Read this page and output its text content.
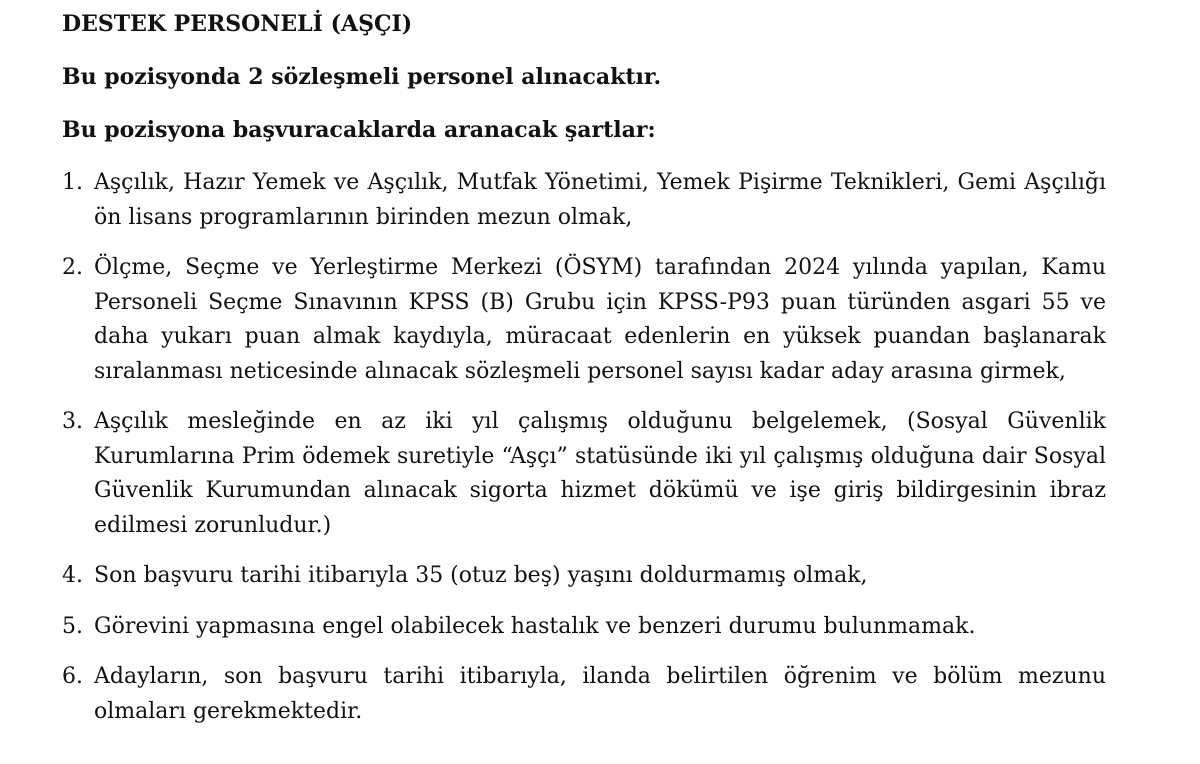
DESTEK PERSONELİ (AŞÇI)

Bu pozisyonda 2 sözleşmeli personel alınacaktır.

Bu pozisyona başvuracaklarda aranacak şartlar:

1. Aşçılık, Hazır Yemek ve Aşçılık, Mutfak Yönetimi, Yemek Pişirme Teknikleri, Gemi Aşçılığı ön lisans programlarının birinden mezun olmak,
2. Ölçme, Seçme ve Yerleştirme Merkezi (ÖSYM) tarafından 2024 yılında yapılan, Kamu Personeli Seçme Sınavının KPSS (B) Grubu için KPSS-P93 puan türünden asgari 55 ve daha yukarı puan almak kaydıyla, müracaat edenlerin en yüksek puandan başlanarak sıralanması neticesinde alınacak sözleşmeli personel sayısı kadar aday arasına girmek,
3. Aşçılık mesleğinde en az iki yıl çalışmış olduğunu belgelemek, (Sosyal Güvenlik Kurumlarına Prim ödemek suretiyle “Aşçı” statüsünde iki yıl çalışmış olduğuna dair Sosyal Güvenlik Kurumundan alınacak sigorta hizmet dökümü ve işe giriş bildirgesinin ibraz edilmesi zorunludur.)
4. Son başvuru tarihi itibarıyla 35 (otuz beş) yaşını doldurmamış olmak,
5. Görevini yapmasına engel olabilecek hastalık ve benzeri durumu bulunmamak.
6. Adayların, son başvuru tarihi itibarıyla, ilanda belirtilen öğrenim ve bölüm mezunu olmaları gerekmektedir.
